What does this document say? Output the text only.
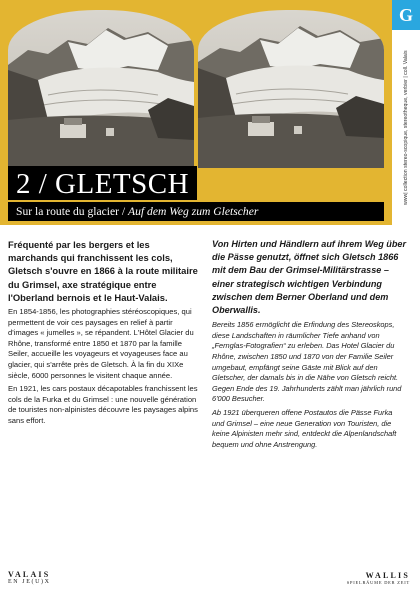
2 / GLETSCH
Sur la route du glacier / Auf dem Weg zum Gletscher
G
www| collection stereo-scopique, stereotheque, verbier | coll. Valais

Fréquenté par les bergers et les marchands qui franchissent les cols, Gletsch s'ouvre en 1866 à la route militaire du Grimsel, axe stratégique entre l'Oberland bernois et le Haut-Valais.

En 1854-1856, les photographies stéréoscopiques, qui permettent de voir ces paysages en relief à partir d'images « jumelles », se répandent. L'Hôtel Glacier du Rhône, transformé entre 1850 et 1870 par la famille Seiler, accueille les voyageurs et voyageuses face au glacier, qui s'arrête près de Gletsch. À la fin du XIXe siècle, 6000 personnes le visitent chaque année.

En 1921, les cars postaux décapotables franchissent les cols de la Furka et du Grimsel : une nouvelle génération de touristes non-alpinistes découvre les paysages alpins sans effort.

Von Hirten und Händlern auf ihrem Weg über die Pässe genutzt, öffnet sich Gletsch 1866 mit dem Bau der Grimsel-Militärstrasse – einer strategisch wichtigen Verbindung zwischen dem Berner Oberland und dem Oberwallis.

Bereits 1856 ermöglicht die Erfindung des Stereoskops, diese Landschaften in räumlicher Tiefe anhand von „Fernglas-Fotografien“ zu erleben. Das Hotel Glacier du Rhône, zwischen 1850 und 1870 von der Familie Seiler umgebaut, empfängt seine Gäste mit Blick auf den Gletscher, der damals bis in die Nähe von Gletsch reicht. Gegen Ende des 19. Jahrhunderts zählt man jährlich rund 6'000 Besucher.

Ab 1921 überqueren offene Postautos die Pässe Furka und Grimsel – eine neue Generation von Touristen, die keine Alpinisten mehr sind, entdeckt die Alpenlandschaft bequem und ohne Anstrengung.

VALAIS
EN JE(U)X
WALLIS
SPIELRÄUME DER ZEIT
